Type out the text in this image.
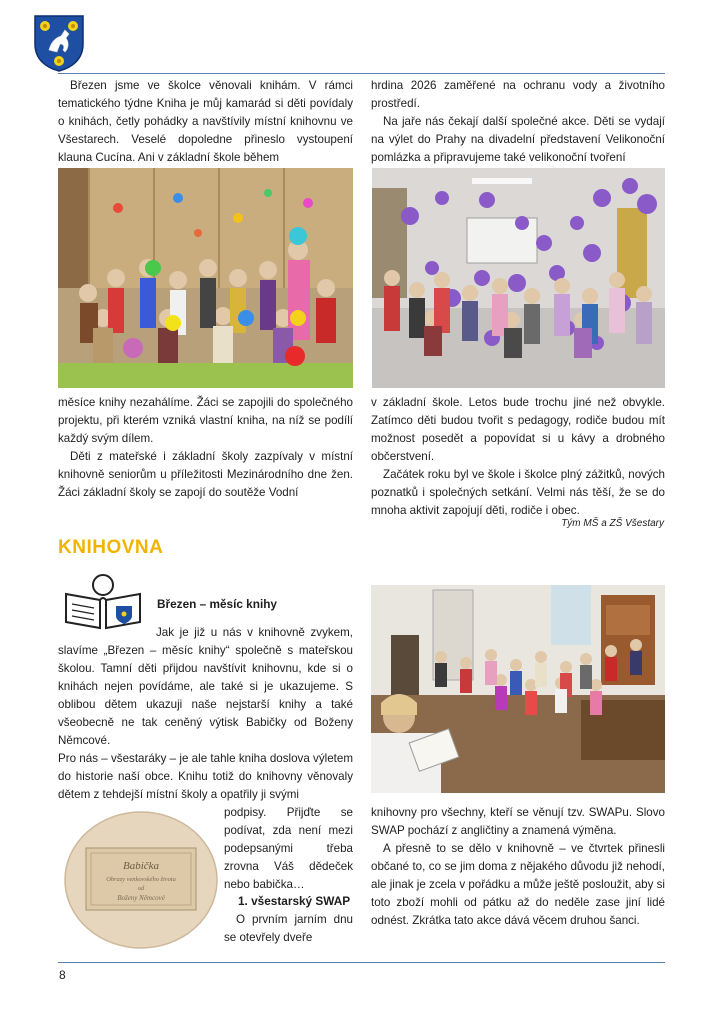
Březen jsme ve školce věnovali knihám. V rámci tematického týdne Kniha je můj kamarád si děti povídaly o knihách, četly pohádky a navštívily místní knihovnu ve Všestarech. Veselé dopoledne přineslo vystoupení klauna Cucína. Ani v základní škole během

hrdina 2026 zaměřené na ochranu vody a životního prostředí.

Na jaře nás čekají další společné akce. Děti se vydají na výlet do Prahy na divadelní představení Velikonoční pomlázka a připravujeme také velikonoční tvoření

měsíce knihy nezahálíme. Žáci se zapojili do společného projektu, při kterém vzniká vlastní kniha, na níž se podílí každý svým dílem.

Děti z mateřské i základní školy zazpívaly v místní knihovně seniorům u příležitosti Mezinárodního dne žen. Žáci základní školy se zapojí do soutěže Vodní

v základní škole. Letos bude trochu jiné než obvykle. Zatímco děti budou tvořit s pedagogy, rodiče budou mít možnost posedět a popovídat si u kávy a drobného občerstvení.

Začátek roku byl ve škole i školce plný zážitků, nových poznatků i společných setkání. Velmi nás těší, že se do mnoha aktivit zapojují děti, rodiče i obec.

Tým MŠ a ZŠ Všestary
KNIHOVNA
Březen – měsíc knihy

Jak je již u nás v knihovně zvykem, slavíme „Březen – měsíc knihy“ společně s mateřskou školou. Tamní děti přijdou navštívit knihovnu, kde si o knihách nejen povídáme, ale také si je ukazujeme. S oblibou dětem ukazuji naše nejstarší knihy a také všeobecně ne tak ceněný výtisk Babičky od Boženy Němcové.

Pro nás – všestaráky – je ale tahle kniha doslova výletem do historie naší obce. Knihu totiž do knihovny věnovaly dětem z tehdejší místní školy a opatřily ji svými

Babička
Obrazy venkovského života
od
Boženy Němcové

podpisy. Přijďte se podívat, zda není mezi podepsanými třeba zrovna Váš dědeček nebo babička…

1. všestarský SWAP

O prvním jarním dnu se otevřely dveře

knihovny pro všechny, kteří se věnují tzv. SWAPu. Slovo SWAP pochází z angličtiny a znamená výměna.

A přesně to se dělo v knihovně – ve čtvrtek přinesli občané to, co se jim doma z nějakého důvodu již nehodí, ale jinak je zcela v pořádku a může ještě posloužit, aby si toto zboží mohli od pátku až do neděle zase jiní lidé odnést. Zkrátka tato akce dává věcem druhou šanci.

8
